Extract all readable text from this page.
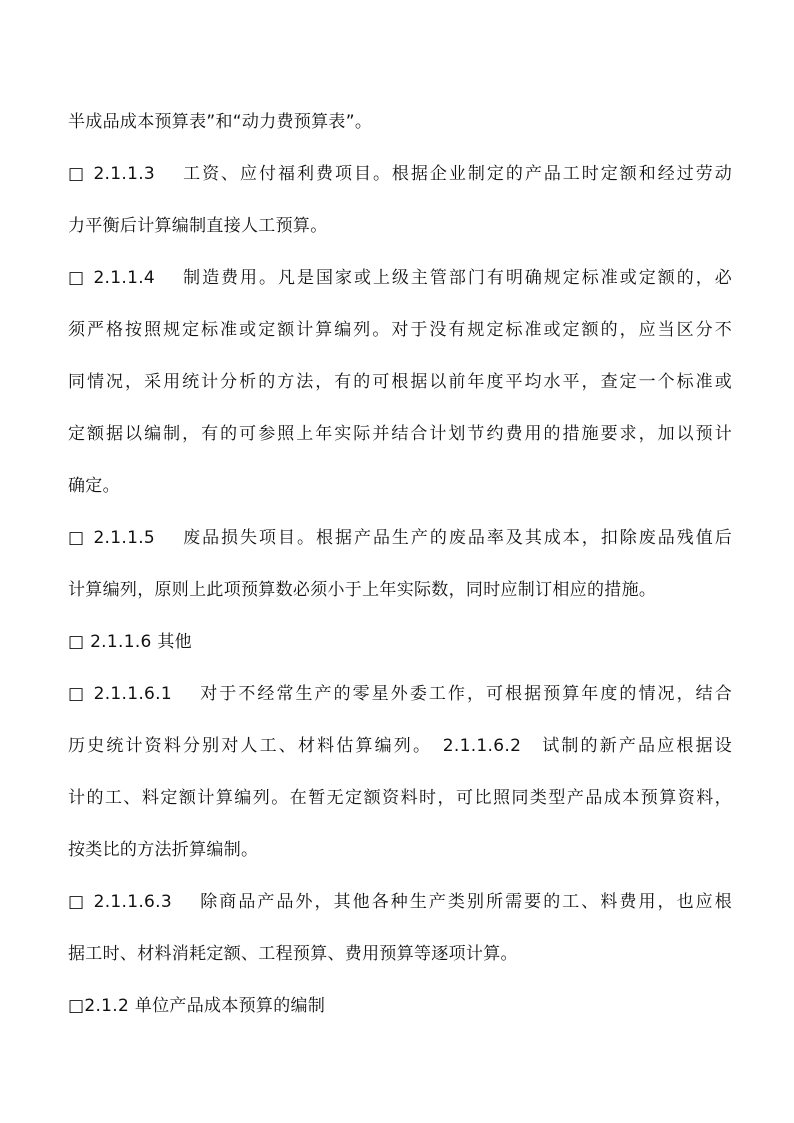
半成品成本预算表”和“动力费预算表”。
□ 2.1.1.3　 工资、应付福利费项目。根据企业制定的产品工时定额和经过劳动
力平衡后计算编制直接人工预算。
□ 2.1.1.4　 制造费用。凡是国家或上级主管部门有明确规定标准或定额的，必
须严格按照规定标准或定额计算编列。对于没有规定标准或定额的，应当区分不
同情况，采用统计分析的方法，有的可根据以前年度平均水平，查定一个标准或
定额据以编制，有的可参照上年实际并结合计划节约费用的措施要求，加以预计
确定。
□ 2.1.1.5　 废品损失项目。根据产品生产的废品率及其成本，扣除废品残值后
计算编列，原则上此项预算数必须小于上年实际数，同时应制订相应的措施。
□ 2.1.1.6 其他
□ 2.1.1.6.1　 对于不经常生产的零星外委工作，可根据预算年度的情况，结合
历史统计资料分别对人工、材料估算编列。　2.1.1.6.2　试制的新产品应根据设
计的工、料定额计算编列。在暂无定额资料时，可比照同类型产品成本预算资料，
按类比的方法折算编制。
□ 2.1.1.6.3　 除商品产品外，其他各种生产类别所需要的工、料费用，也应根
据工时、材料消耗定额、工程预算、费用预算等逐项计算。
□2.1.2 单位产品成本预算的编制
